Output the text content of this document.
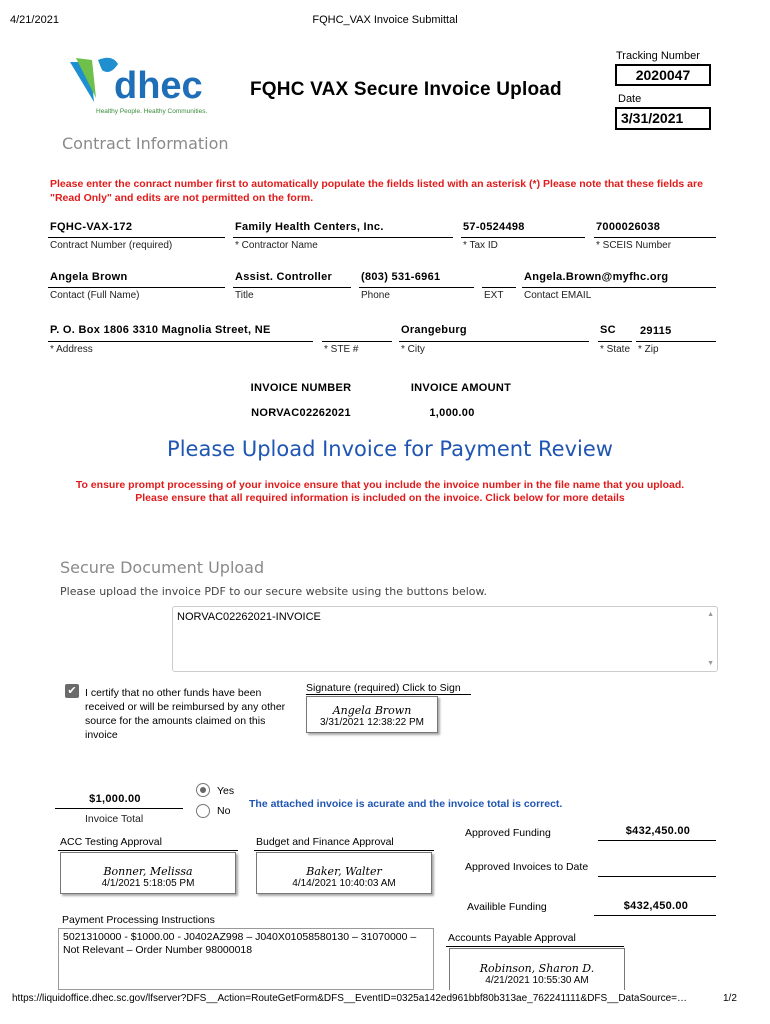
4/21/2021	FQHC_VAX Invoice Submittal
dhec
Healthy People. Healthy Communities.
FQHC VAX Secure Invoice Upload
Tracking Number
2020047
Date
3/31/2021
Contract Information
Please enter the conract number first to automatically populate the fields listed with an asterisk (*) Please note that these fields are "Read Only" and edits are not permitted on the form.
FQHC-VAX-172
Contract Number (required)
Family Health Centers, Inc.
* Contractor Name
57-0524498
* Tax ID
7000026038
* SCEIS Number
Angela Brown
Contact (Full Name)
Assist. Controller
Title
(803) 531-6961
Phone	EXT
Angela.Brown@myfhc.org
Contact EMAIL
P. O. Box 1806 3310 Magnolia Street, NE
* Address	* STE #
Orangeburg
* City
SC
* State
29115
* Zip
INVOICE NUMBER	INVOICE AMOUNT
NORVAC02262021	1,000.00
Please Upload Invoice for Payment Review
To ensure prompt processing of your invoice ensure that you include the invoice number in the file name that you upload.
Please ensure that all required information is included on the invoice. Click below for more details
Secure Document Upload
Please upload the invoice PDF to our secure website using the buttons below.
NORVAC02262021-INVOICE	▲
▼
✔ I certify that no other funds have been received or will be reimbursed by any other source for the amounts claimed on this invoice
Signature (required) Click to Sign
Angela Brown
3/31/2021 12:38:22 PM
$1,000.00
Invoice Total
Yes
No
The attached invoice is acurate and the invoice total is correct.
ACC Testing Approval
Bonner, Melissa
4/1/2021 5:18:05 PM
Budget and Finance Approval
Baker, Walter
4/14/2021 10:40:03 AM
Approved Funding	$432,450.00
Approved Invoices to Date
Availible Funding	$432,450.00
Payment Processing Instructions
5021310000 - $1000.00 - J0402AZ998 – J040X01058580130 – 31070000 – Not Relevant – Order Number 98000018
Accounts Payable Approval
Robinson, Sharon D.
4/21/2021 10:55:30 AM
https://liquidoffice.dhec.sc.gov/lfserver?DFS__Action=RouteGetForm&DFS__EventID=0325a142ed961bbf80b313ae_762241111&DFS__DataSource=…	1/2
